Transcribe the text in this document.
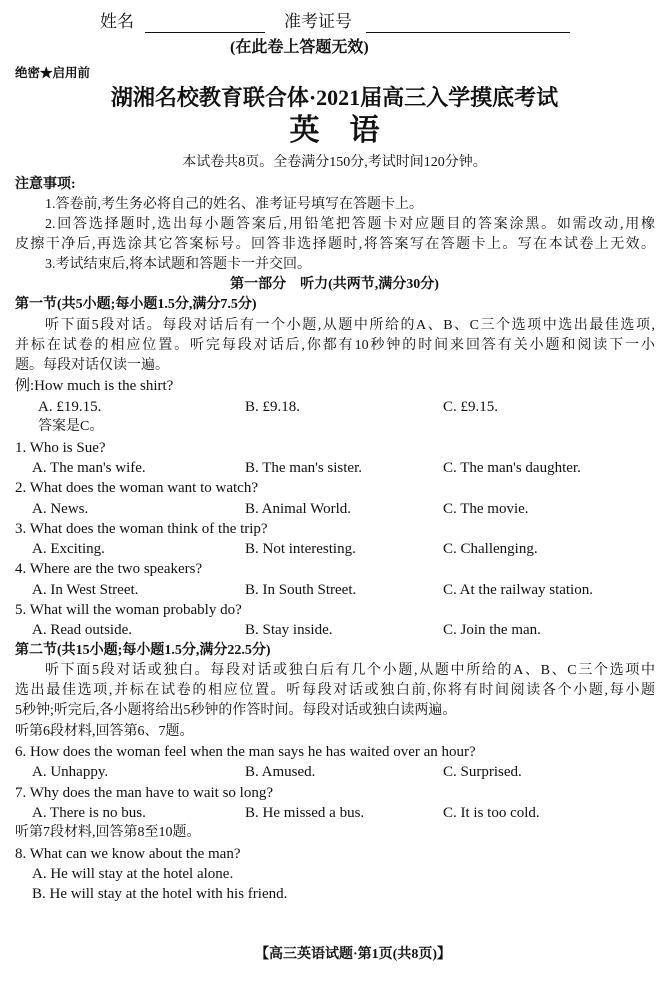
姓名	准考证号
(在此卷上答题无效)
绝密★启用前
湖湘名校教育联合体·2021届高三入学摸底考试
英　语
本试卷共8页。全卷满分150分,考试时间120分钟。
注意事项:
1.答卷前,考生务必将自己的姓名、准考证号填写在答题卡上。
2.回答选择题时,选出每小题答案后,用铅笔把答题卡对应题目的答案涂黑。如需改动,用橡
皮擦干净后,再选涂其它答案标号。回答非选择题时,将答案写在答题卡上。写在本试卷上无效。
3.考试结束后,将本试题和答题卡一并交回。
第一部分　听力(共两节,满分30分)
第一节(共5小题;每小题1.5分,满分7.5分)
听下面5段对话。每段对话后有一个小题,从题中所给的A、B、C三个选项中选出最佳选项,
并标在试卷的相应位置。听完每段对话后,你都有10秒钟的时间来回答有关小题和阅读下一小
题。每段对话仅读一遍。
例:How much is the shirt?
A. £19.15.	B. £9.18.	C. £9.15.
答案是C。
1. Who is Sue?
A. The man's wife.	B. The man's sister.	C. The man's daughter.
2. What does the woman want to watch?
A. News.	B. Animal World.	C. The movie.
3. What does the woman think of the trip?
A. Exciting.	B. Not interesting.	C. Challenging.
4. Where are the two speakers?
A. In West Street.	B. In South Street.	C. At the railway station.
5. What will the woman probably do?
A. Read outside.	B. Stay inside.	C. Join the man.
第二节(共15小题;每小题1.5分,满分22.5分)
听下面5段对话或独白。每段对话或独白后有几个小题,从题中所给的A、B、C三个选项中
选出最佳选项,并标在试卷的相应位置。听每段对话或独白前,你将有时间阅读各个小题,每小题
5秒钟;听完后,各小题将给出5秒钟的作答时间。每段对话或独白读两遍。
听第6段材料,回答第6、7题。
6. How does the woman feel when the man says he has waited over an hour?
A. Unhappy.	B. Amused.	C. Surprised.
7. Why does the man have to wait so long?
A. There is no bus.	B. He missed a bus.	C. It is too cold.
听第7段材料,回答第8至10题。
8. What can we know about the man?
A. He will stay at the hotel alone.
B. He will stay at the hotel with his friend.
【高三英语试题·第1页(共8页)】
